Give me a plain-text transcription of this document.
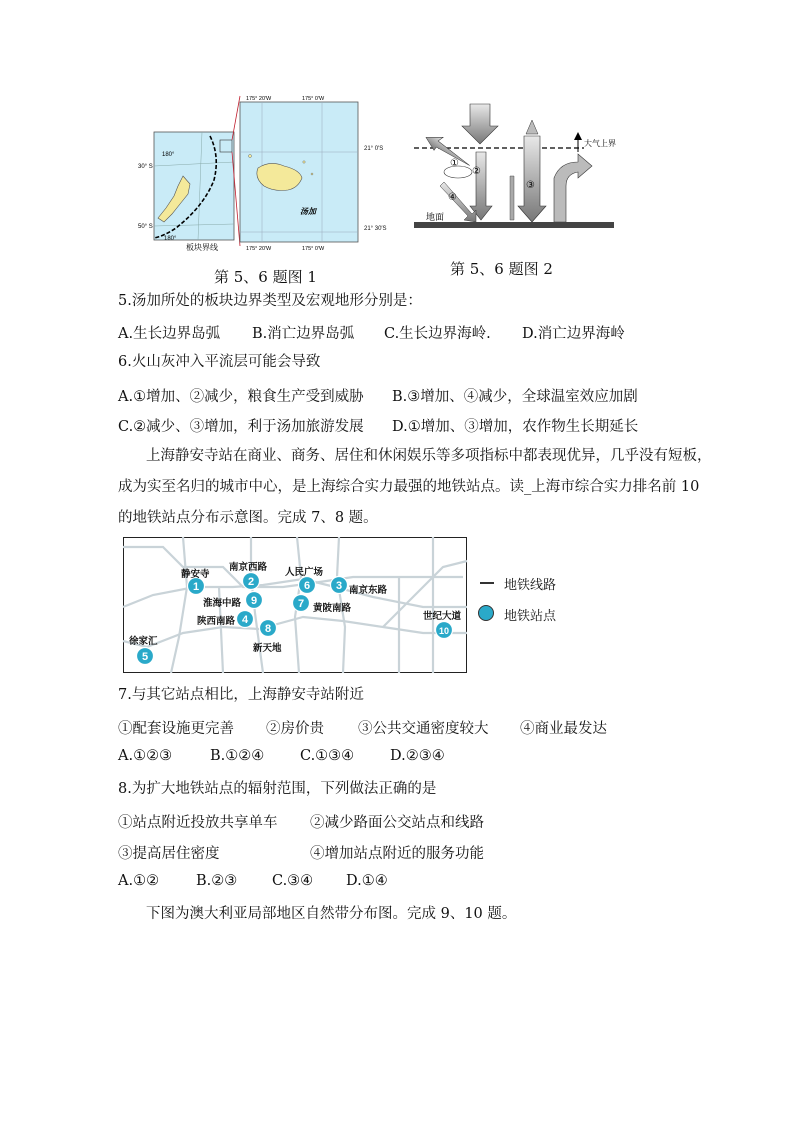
180°
30° S
50° S
180°
板块界线
175° 20′W	175° 0′W
汤加
175° 20′W	175° 0′W
21° 0′S
21° 30′S
第 5、6 题图 1
①
②
③
④
大气上界
地面
第 5、6 题图 2
5.汤加所处的板块边界类型及宏观地形分别是：
A.生长边界岛弧 B.消亡边界岛弧 C.生长边界海岭. D.消亡边界海岭
6.火山灰冲入平流层可能会导致
A.①增加、②减少，粮食生产受到威胁 B.③增加、④减少，全球温室效应加剧
C.②减少、③增加，利于汤加旅游发展 D.①增加、③增加，农作物生长期延长
上海静安寺站在商业、商务、居住和休闲娱乐等多项指标中都表现优异，几乎没有短板，
成为实至名归的城市中心，是上海综合实力最强的地铁站点。读_上海市综合实力排名前 10
的地铁站点分布示意图。完成 7、8 题。
1	2	3
4
5
6
7
8
9
10
静安寺
南京西路
南京东路
陕西南路
徐家汇
人民广场
黄陂南路
新天地
淮海中路
世纪大道
地铁线路
地铁站点
7.与其它站点相比，上海静安寺站附近
①配套设施更完善 ②房价贵 ③公共交通密度较大 ④商业最发达
A.①②③	B.①②④ C.①③④ D.②③④
8.为扩大地铁站点的辐射范围，下列做法正确的是
①站点附近投放共享单车 ②减少路面公交站点和线路
③提高居住密度	④增加站点附近的服务功能
A.①②	B.②③ C.③④ D.①④
下图为澳大利亚局部地区自然带分布图。完成 9、10 题。
